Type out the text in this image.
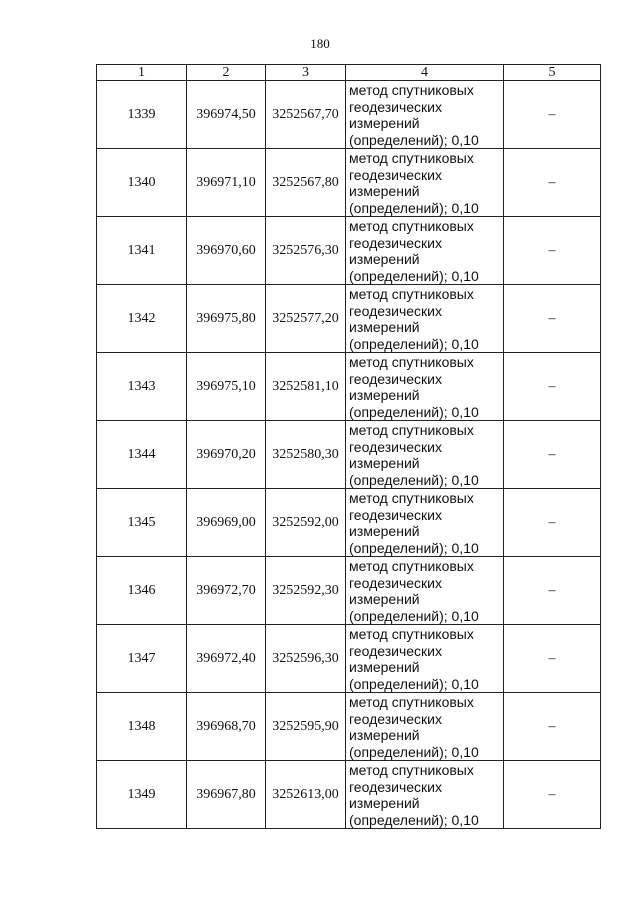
180
1	2	3	4	5
1339	396974,50	3252567,70	метод спутниковых
геодезических
измерений
(определений); 0,10	–
1340	396971,10	3252567,80	метод спутниковых
геодезических
измерений
(определений); 0,10	–
1341	396970,60	3252576,30	метод спутниковых
геодезических
измерений
(определений); 0,10	–
1342	396975,80	3252577,20	метод спутниковых
геодезических
измерений
(определений); 0,10	–
1343	396975,10	3252581,10	метод спутниковых
геодезических
измерений
(определений); 0,10	–
1344	396970,20	3252580,30	метод спутниковых
геодезических
измерений
(определений); 0,10	–
1345	396969,00	3252592,00	метод спутниковых
геодезических
измерений
(определений); 0,10	–
1346	396972,70	3252592,30	метод спутниковых
геодезических
измерений
(определений); 0,10	–
1347	396972,40	3252596,30	метод спутниковых
геодезических
измерений
(определений); 0,10	–
1348	396968,70	3252595,90	метод спутниковых
геодезических
измерений
(определений); 0,10	–
1349	396967,80	3252613,00	метод спутниковых
геодезических
измерений
(определений); 0,10	–
